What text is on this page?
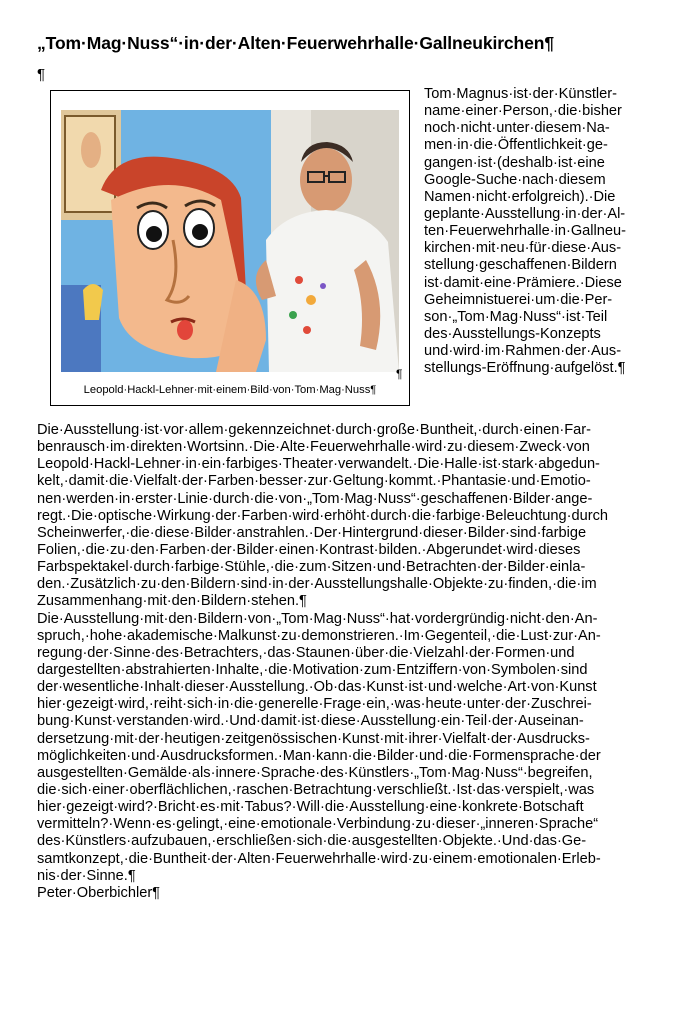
„Tom·Mag·Nuss“·in·der·Alten·Feuerwehrhalle·Gallneukirchen¶
¶
¶
Leopold·Hackl-Lehner·mit·einem·Bild·von·Tom·Mag·Nuss¶
Tom·Magnus·ist·der·Künstler-
name·einer·Person,·die·bisher
noch·nicht·unter·diesem·Na-
men·in·die·Öffentlichkeit·ge-
gangen·ist·(deshalb·ist·eine
Google-Suche·nach·diesem
Namen·nicht·erfolgreich).·Die
geplante·Ausstellung·in·der·Al-
ten·Feuerwehrhalle·in·Gallneu-
kirchen·mit·neu·für·diese·Aus-
stellung·geschaffenen·Bildern
ist·damit·eine·Prämiere.·Diese
Geheimnistuerei·um·die·Per-
son·„Tom·Mag·Nuss“·ist·Teil
des·Ausstellungs-Konzepts
und·wird·im·Rahmen·der·Aus-
stellungs-Eröffnung·aufgelöst.¶
Die·Ausstellung·ist·vor·allem·gekennzeichnet·durch·große·Buntheit,·durch·einen·Far-
benrausch·im·direkten·Wortsinn.·Die·Alte·Feuerwehrhalle·wird·zu·diesem·Zweck·von
Leopold·Hackl-Lehner·in·ein·farbiges·Theater·verwandelt.·Die·Halle·ist·stark·abgedun-
kelt,·damit·die·Vielfalt·der·Farben·besser·zur·Geltung·kommt.·Phantasie·und·Emotio-
nen·werden·in·erster·Linie·durch·die·von·„Tom·Mag·Nuss“·geschaffenen·Bilder·ange-
regt.·Die·optische·Wirkung·der·Farben·wird·erhöht·durch·die·farbige·Beleuchtung·durch
Scheinwerfer,·die·diese·Bilder·anstrahlen.·Der·Hintergrund·dieser·Bilder·sind·farbige
Folien,·die·zu·den·Farben·der·Bilder·einen·Kontrast·bilden.·Abgerundet·wird·dieses
Farbspektakel·durch·farbige·Stühle,·die·zum·Sitzen·und·Betrachten·der·Bilder·einla-
den.·Zusätzlich·zu·den·Bildern·sind·in·der·Ausstellungshalle·Objekte·zu·finden,·die·im
Zusammenhang·mit·den·Bildern·stehen.¶
Die·Ausstellung·mit·den·Bildern·von·„Tom·Mag·Nuss“·hat·vordergründig·nicht·den·An-
spruch,·hohe·akademische·Malkunst·zu·demonstrieren.·Im·Gegenteil,·die·Lust·zur·An-
regung·der·Sinne·des·Betrachters,·das·Staunen·über·die·Vielzahl·der·Formen·und
dargestellten·abstrahierten·Inhalte,·die·Motivation·zum·Entziffern·von·Symbolen·sind
der·wesentliche·Inhalt·dieser·Ausstellung.·Ob·das·Kunst·ist·und·welche·Art·von·Kunst
hier·gezeigt·wird,·reiht·sich·in·die·generelle·Frage·ein,·was·heute·unter·der·Zuschrei-
bung·Kunst·verstanden·wird.·Und·damit·ist·diese·Ausstellung·ein·Teil·der·Auseinan-
dersetzung·mit·der·heutigen·zeitgenössischen·Kunst·mit·ihrer·Vielfalt·der·Ausdrucks-
möglichkeiten·und·Ausdrucksformen.·Man·kann·die·Bilder·und·die·Formensprache·der
ausgestellten·Gemälde·als·innere·Sprache·des·Künstlers·„Tom·Mag·Nuss“·begreifen,
die·sich·einer·oberflächlichen,·raschen·Betrachtung·verschließt.·Ist·das·verspielt,·was
hier·gezeigt·wird?·Bricht·es·mit·Tabus?·Will·die·Ausstellung·eine·konkrete·Botschaft
vermitteln?·Wenn·es·gelingt,·eine·emotionale·Verbindung·zu·dieser·„inneren·Sprache“
des·Künstlers·aufzubauen,·erschließen·sich·die·ausgestellten·Objekte.·Und·das·Ge-
samtkonzept,·die·Buntheit·der·Alten·Feuerwehrhalle·wird·zu·einem·emotionalen·Erleb-
nis·der·Sinne.¶
Peter·Oberbichler¶
